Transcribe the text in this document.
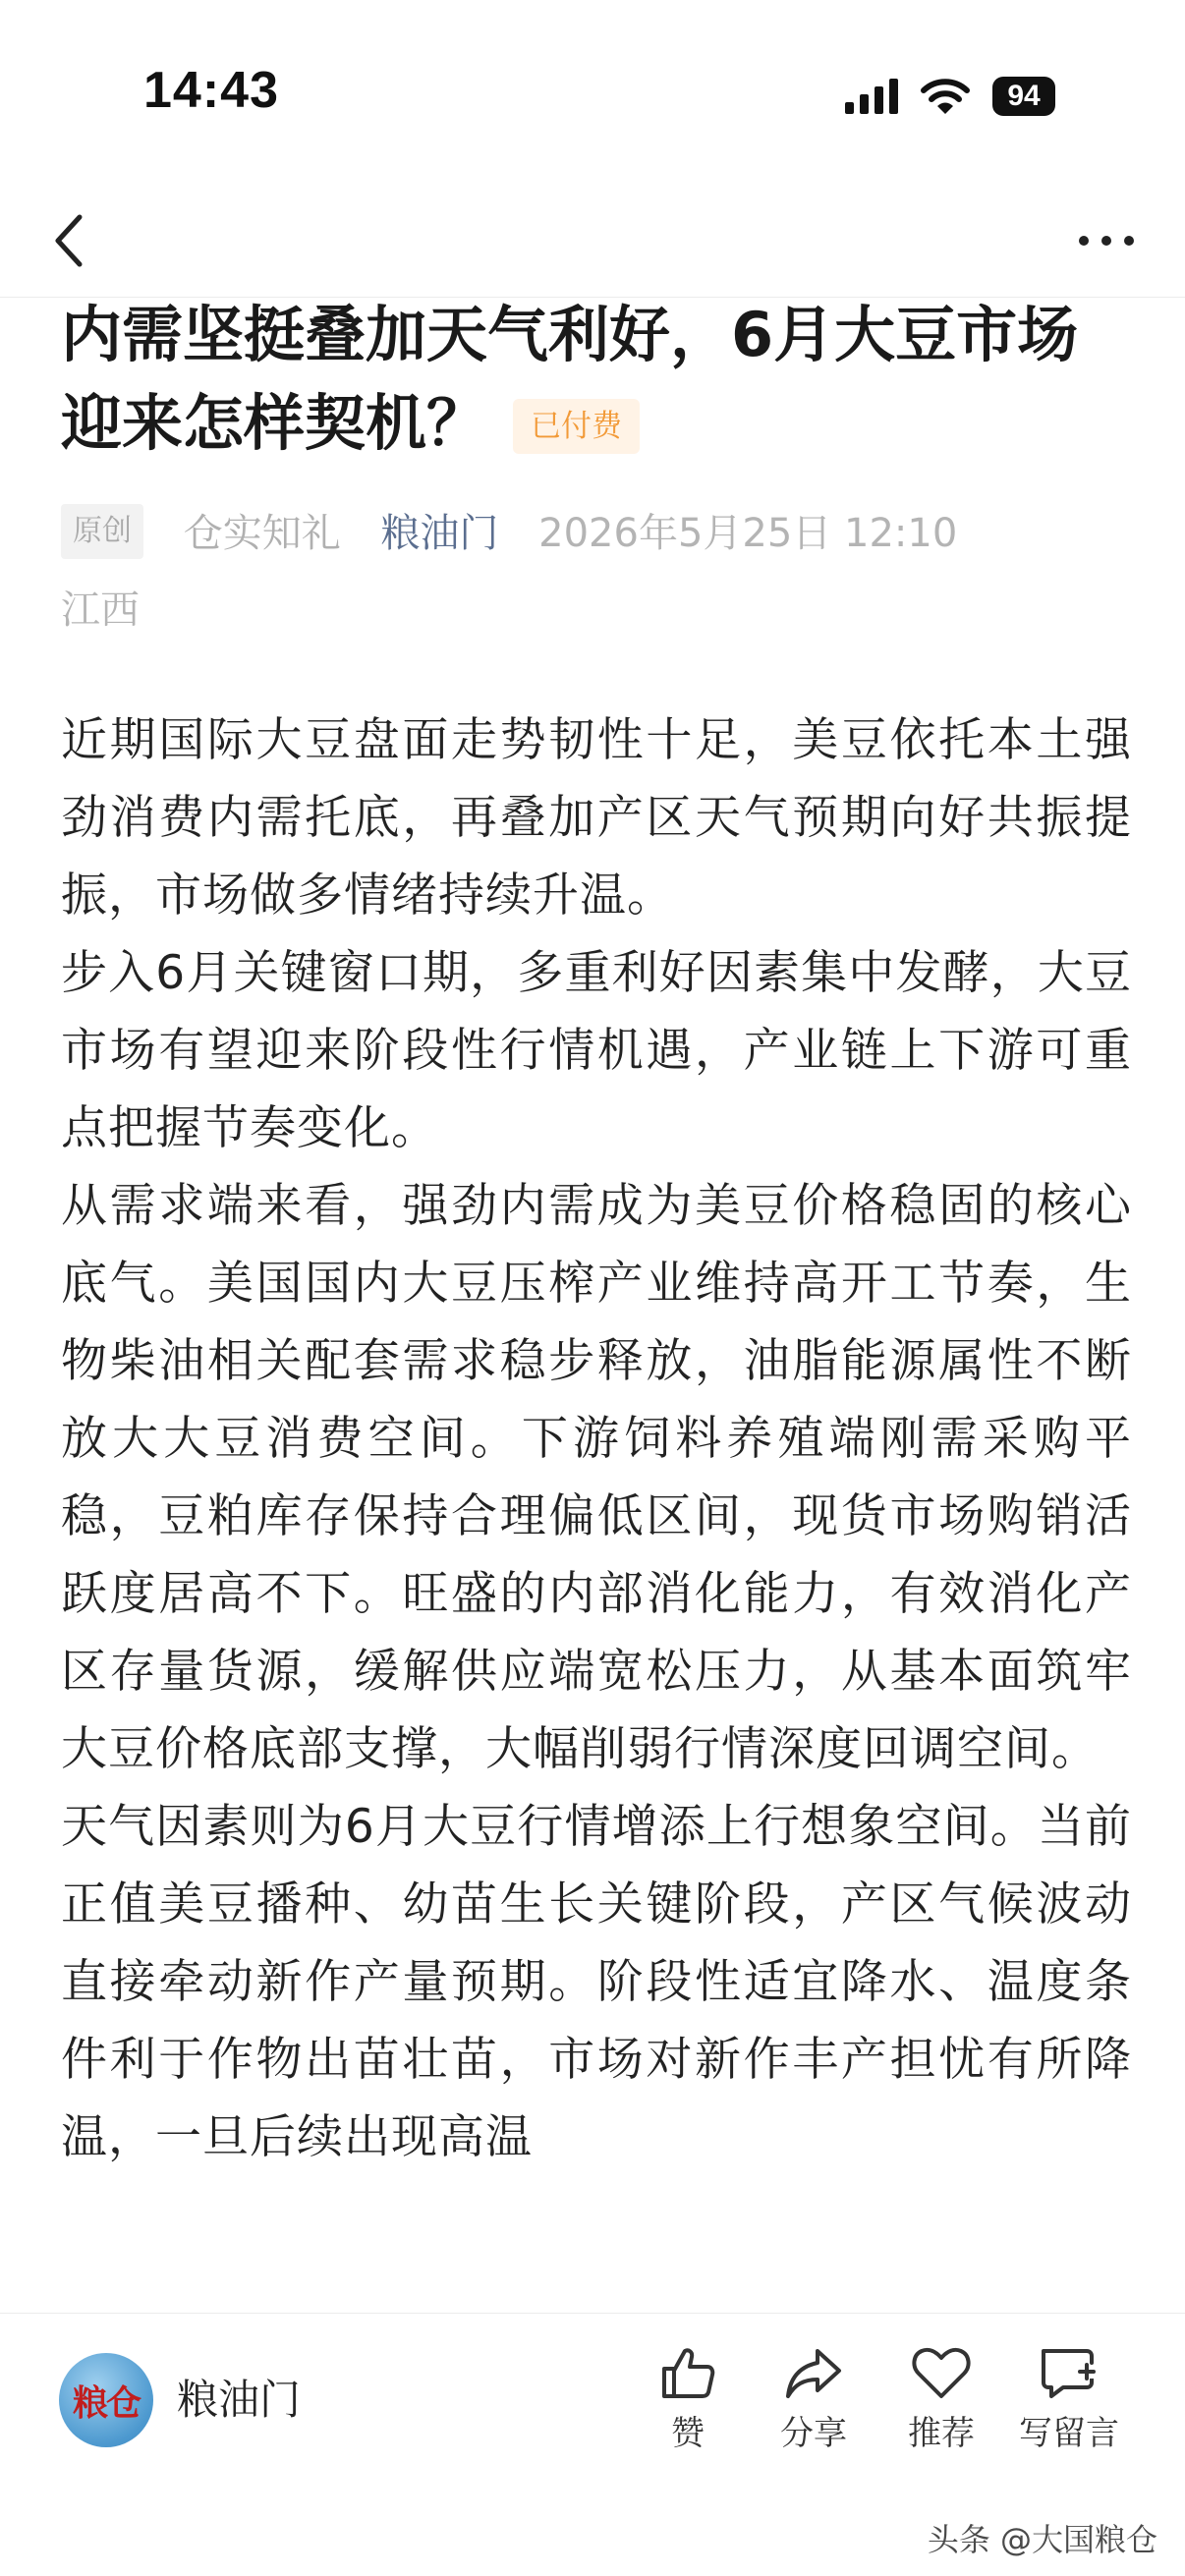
14:43	94
内需坚挺叠加天气利好，6月大豆市场迎来怎样契机？ 已付费
原创 仓实知礼 粮油门 2026年5月25日 12:10
江西

近期国际大豆盘面走势韧性十足，美豆依托本土强劲消费内需托底，再叠加产区天气预期向好共振提振，市场做多情绪持续升温。

步入6月关键窗口期，多重利好因素集中发酵，大豆市场有望迎来阶段性行情机遇，产业链上下游可重点把握节奏变化。

从需求端来看，强劲内需成为美豆价格稳固的核心底气。美国国内大豆压榨产业维持高开工节奏，生物柴油相关配套需求稳步释放，油脂能源属性不断放大大豆消费空间。下游饲料养殖端刚需采购平稳，豆粕库存保持合理偏低区间，现货市场购销活跃度居高不下。旺盛的内部消化能力，有效消化产区存量货源，缓解供应端宽松压力，从基本面筑牢大豆价格底部支撑，大幅削弱行情深度回调空间。

天气因素则为6月大豆行情增添上行想象空间。当前正值美豆播种、幼苗生长关键阶段，产区气候波动直接牵动新作产量预期。阶段性适宜降水、温度条件利于作物出苗壮苗，市场对新作丰产担忧有所降温，一旦后续出现高温

粮仓 粮油门
赞	分享	推荐	写留言
头条 @大国粮仓
